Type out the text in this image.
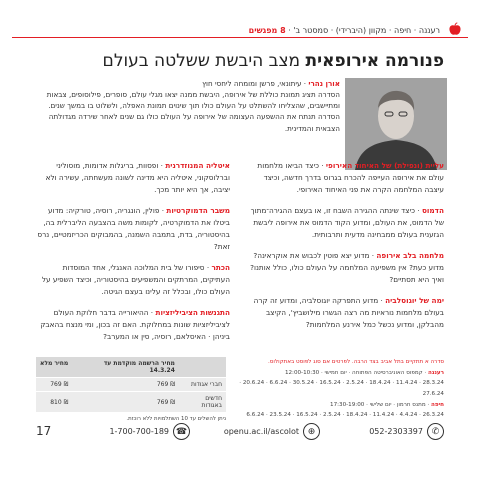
רעננה · חיפה · מקוון (היברידי) · סמסטר ב' · 8 מפגשים
פנורמה אירופאית מצב היבשת ששלטה בעולם

אורן נהרי · עיתונאי, פרשן ומומחה ליחסי חוץ

הסדרה תציג תמונת כוללת של אירופה, היבשת ממנה יצאו מגלי עולם, סופרים, פילוסופים, צבאות ומתיישבים, שהצליחו להשתלט על העולם כולו תוך שינוים תמונת האפלה, ולשלוט בו במשך שנים. הסדרה תנתח את ההשפעה העצומה של אירופה על העולם כולו גם שנים לאחר שירדה מגדולתה הצבאית והמדינית.

עליית (ונפילת) של האיחוד האירופי · כיצד הביאו מלחמות עולם את אירופה העייפה להכרח בגרוס בדרך חדשה, וכיצד עיצבה המלחמה הקרה את פני האיחוד האירופי.

הדמוס · כיצד שינתה ההגירה השבח זו, או בעצם ההגירה־מתוך של הדמוס, את העולם, ומדוע הקוד הדמוס את אירופה ליבשת הגזענית בעולם ממבחינה מדעית ותרבותית.

מלחמה בלב אירופה · מדוע יצא פוטין לכבוש את אוקראינה? מדוע כעת? אין משפיעה המלחמה על העולם כולו, כולל אותנו? ואיך היא תסתיים?

ימה של יוגוסלביה · מדוע התפרקה יוגוסלביה, ומדוע זה קרה בעולם מלחמות נוראיות מה רצה הגשרו מילושביץ', הקיצב מהבלקן, ומדוע נכשל כמל אירנע המלחמות?

איטליה המנוזדרנית · ופסוות, בריגלות אדומות, מוסוליני וברלוסקוני, איטליה היא מדינה לשונה מעשחתה, עשירה ולא יציבה, אך היא יותר מכך.

משבר הדמוקרטיות · פולין, הונגריה, רוסיה, טורקיה: מדוע ביטלו את הדמוקרטיה, לקומות משה בהצבעה הליברלית בה, בהיסטוריה, בדת, בתמבה השמנה, בהמבוקים הכריזמטיים, נרס זאת?

הכתר · סיפורו של בית המלוכה האנגלי, אחד המוסדות העתיקים, המרתקים והמשפיעים בהיסטוריה, וכיצד השפיע על העולם כולו, ובכלל זה עלינו בעצם הגיטה.

התגנשות הציביליזציות · ההיאורייה בדבר חלוקת העולם לציביליזציות שונות במחלוקת. האם זה בכון, ומי מנצח בהאבק ביניהן · האיסלאם, רוסיה, סין או המערב?

סדרה א תתקיים בתל אביב בצד הרבה. לפרטים אם סוג לפוסט באתקולוס.
רעננה · קמפוס האוניברסיטה הפתוחה · יום חמישי · 12:00-10:30
28.3.24 · 11.4.24 · 18.4.24 · 2.5.24 · 16.5.24 · 30.5.24 · 6.6.24 · 20.6.24 · 27.6.24
חיפה · מתנס חרמון · יום שלישי · 17:30-19:00
26.3.24 · 4.4.24 · 11.4.24 · 18.4.24 · 2.5.24 · 16.5.24 · 23.5.24 · 6.6.24
	מחיר הרשמה מוקדמת עד 14.3.24	מחיר מלא
חברי אגודות	₪ 769	₪ 769
חדשים באגודות	₪ 769	₪ 810
ניתן להשלים עד 10 השתלמויות ללא רוכזת.
052-2303397 ✆
openu.ac.il/ascolot ⊕
1-700-700-189 ☎
17
